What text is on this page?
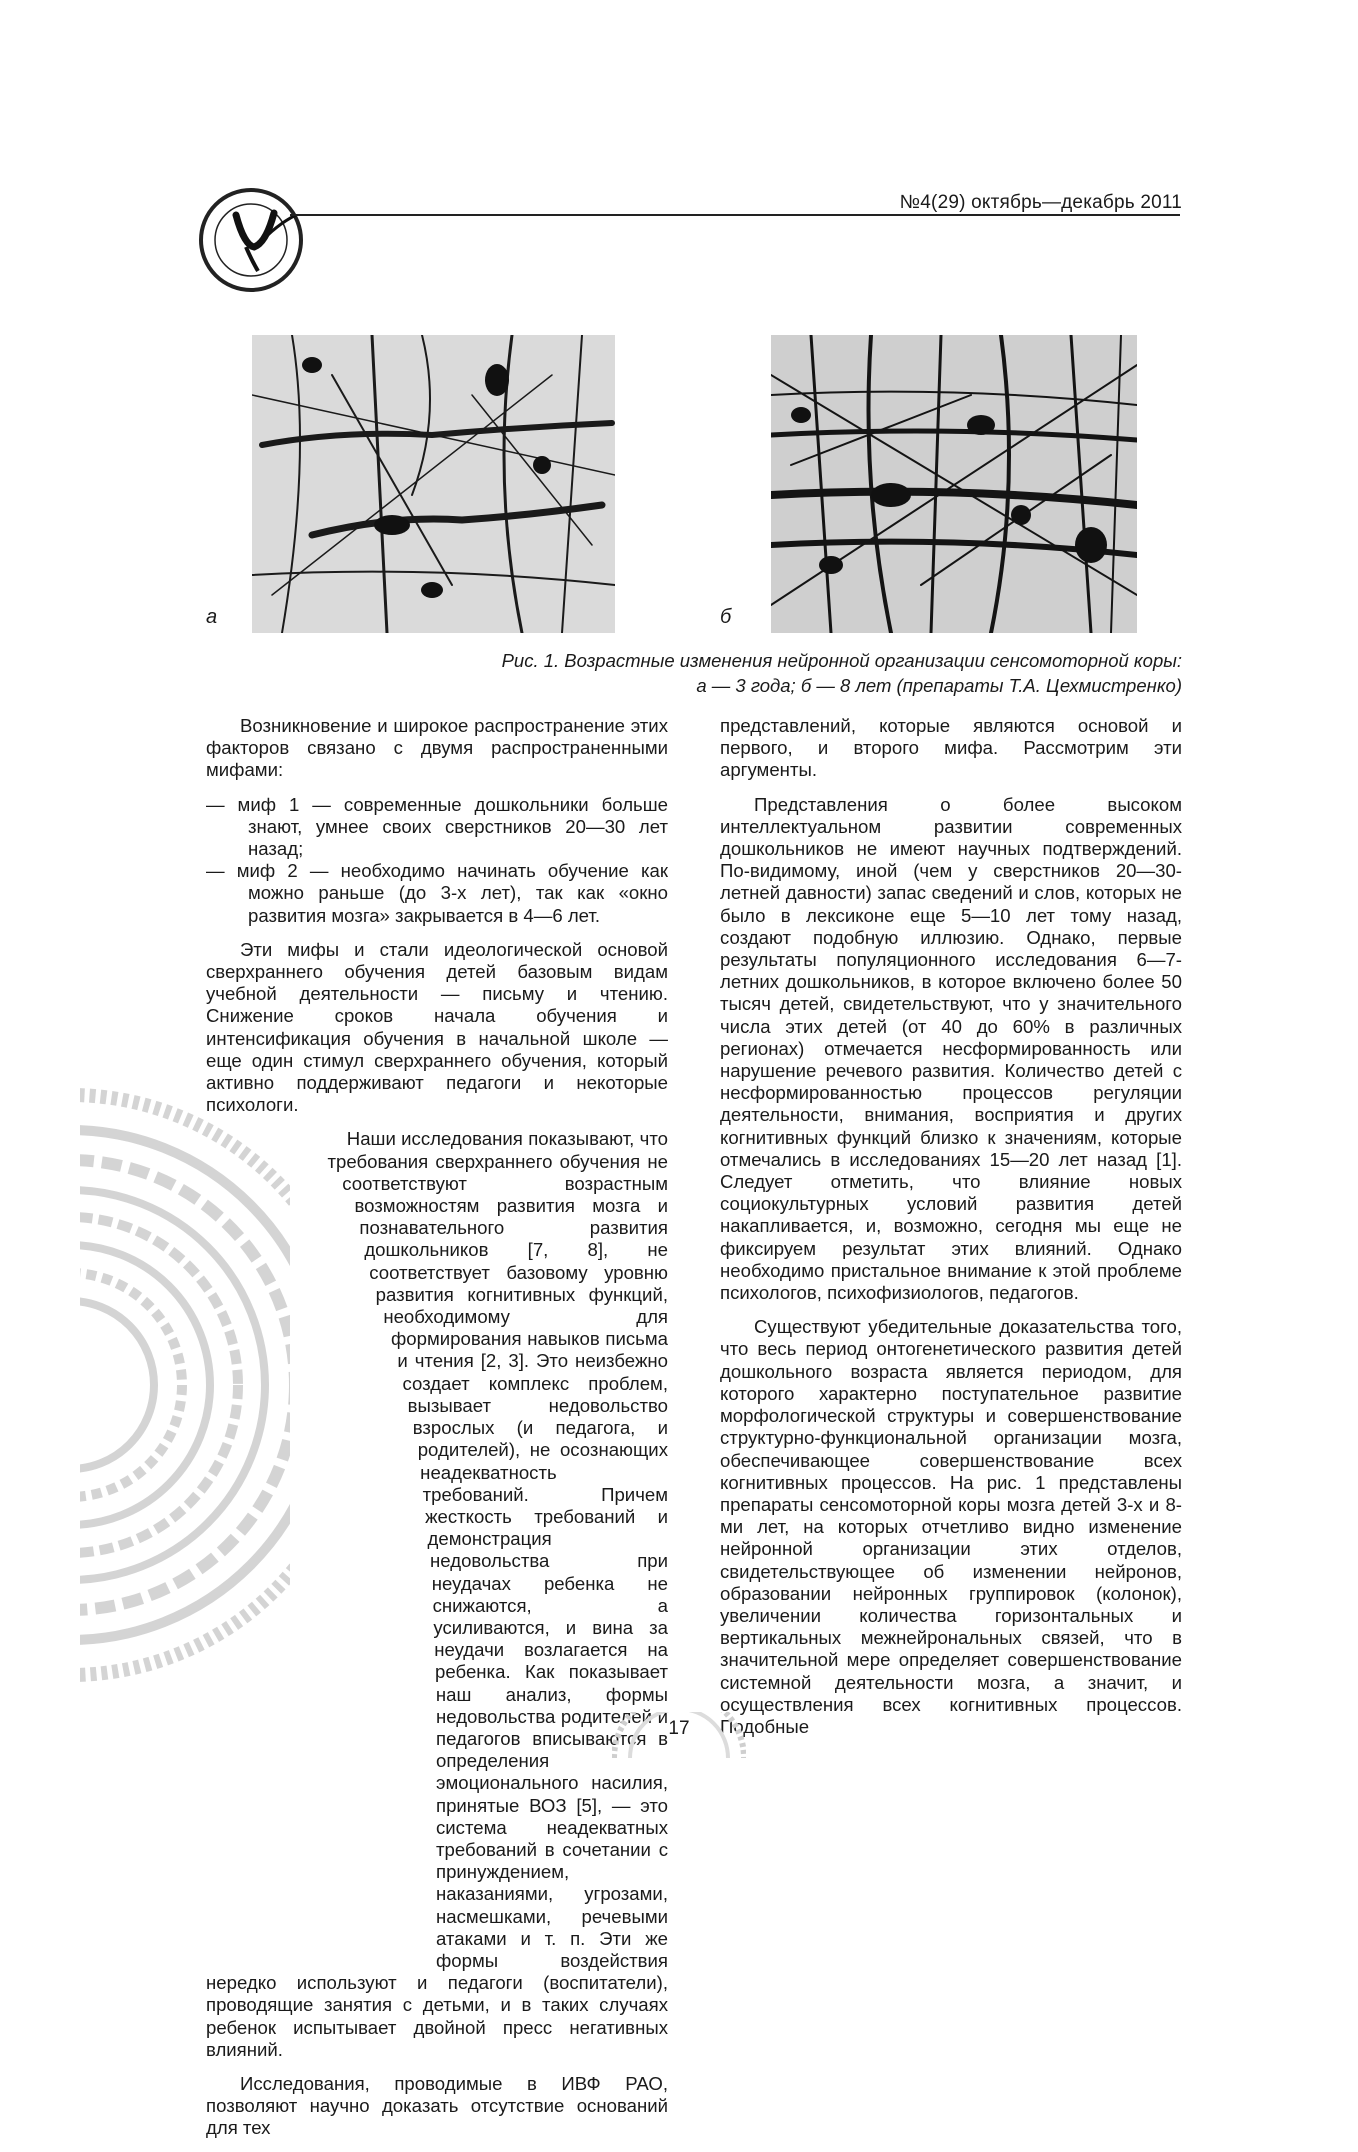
№4(29) октябрь—декабрь 2011
а	б
Рис. 1. Возрастные изменения нейронной организации сенсомоторной коры:
а — 3 года; б — 8 лет (препараты Т.А. Цехмистренко)

Возникновение и широкое распространение этих факторов связано с двумя распространенными мифами:

— миф 1 — современные дошкольники больше знают, умнее своих сверстников 20—30 лет назад;
— миф 2 — необходимо начинать обучение как можно раньше (до 3-х лет), так как «окно развития мозга» закрывается в 4—6 лет.

Эти мифы и стали идеологической основой сверхраннего обучения детей базовым видам учебной деятельности — письму и чтению. Снижение сроков начала обучения и интенсификация обучения в начальной школе — еще один стимул сверхраннего обучения, который активно поддерживают педагоги и некоторые психологи.

Наши исследования показывают, что требования сверхраннего обучения не соответствуют возрастным возможностям развития мозга и познавательного развития дошкольников [7, 8], не соответствует базовому уровню развития когнитивных функций, необходимому для формирования навыков письма и чтения [2, 3]. Это неизбежно создает комплекс проблем, вызывает недовольство взрослых (и педагога, и родителей), не осознающих неадекватность требований. Причем жесткость требований и демонстрация недовольства при неудачах ребенка не снижаются, а усиливаются, и вина за неудачи возлагается на ребенка. Как показывает наш анализ, формы недовольства родителей и педагогов вписываются в определения эмоционального насилия, принятые ВОЗ [5], — это система неадекватных требований в сочетании с принуждением, наказаниями, угрозами, насмешками, речевыми атаками и т. п. Эти же формы воздействия нередко используют и педагоги (воспитатели), проводящие занятия с детьми, и в таких случаях ребенок испытывает двойной пресс негативных влияний.

Исследования, проводимые в ИВФ РАО, позволяют научно доказать отсутствие оснований для тех

представлений, которые являются основой и первого, и второго мифа. Рассмотрим эти аргументы.

Представления о более высоком интеллектуальном развитии современных дошкольников не имеют научных подтверждений. По-видимому, иной (чем у сверстников 20—30-летней давности) запас сведений и слов, которых не было в лексиконе еще 5—10 лет тому назад, создают подобную иллюзию. Однако, первые результаты популяционного исследования 6—7-летних дошкольников, в которое включено более 50 тысяч детей, свидетельствуют, что у значительного числа этих детей (от 40 до 60% в различных регионах) отмечается несформированность или нарушение речевого развития. Количество детей с несформированностью процессов регуляции деятельности, внимания, восприятия и других когнитивных функций близко к значениям, которые отмечались в исследованиях 15—20 лет назад [1]. Следует отметить, что влияние новых социокультурных условий развития детей накапливается, и, возможно, сегодня мы еще не фиксируем результат этих влияний. Однако необходимо пристальное внимание к этой проблеме психологов, психофизиологов, педагогов.

Существуют убедительные доказательства того, что весь период онтогенетического развития детей дошкольного возраста является периодом, для которого характерно поступательное развитие морфологической структуры и совершенствование структурно-функциональной организации мозга, обеспечивающее совершенствование всех когнитивных процессов. На рис. 1 представлены препараты сенсомоторной коры мозга детей 3-х и 8-ми лет, на которых отчетливо видно изменение нейронной организации этих отделов, свидетельствующее об изменении нейронов, образовании нейронных группировок (колонок), увеличении количества горизонтальных и вертикальных межнейрональных связей, что в значительной мере определяет совершенствование системной деятельности мозга, а значит, и осуществления всех когнитивных процессов. Подобные

17
